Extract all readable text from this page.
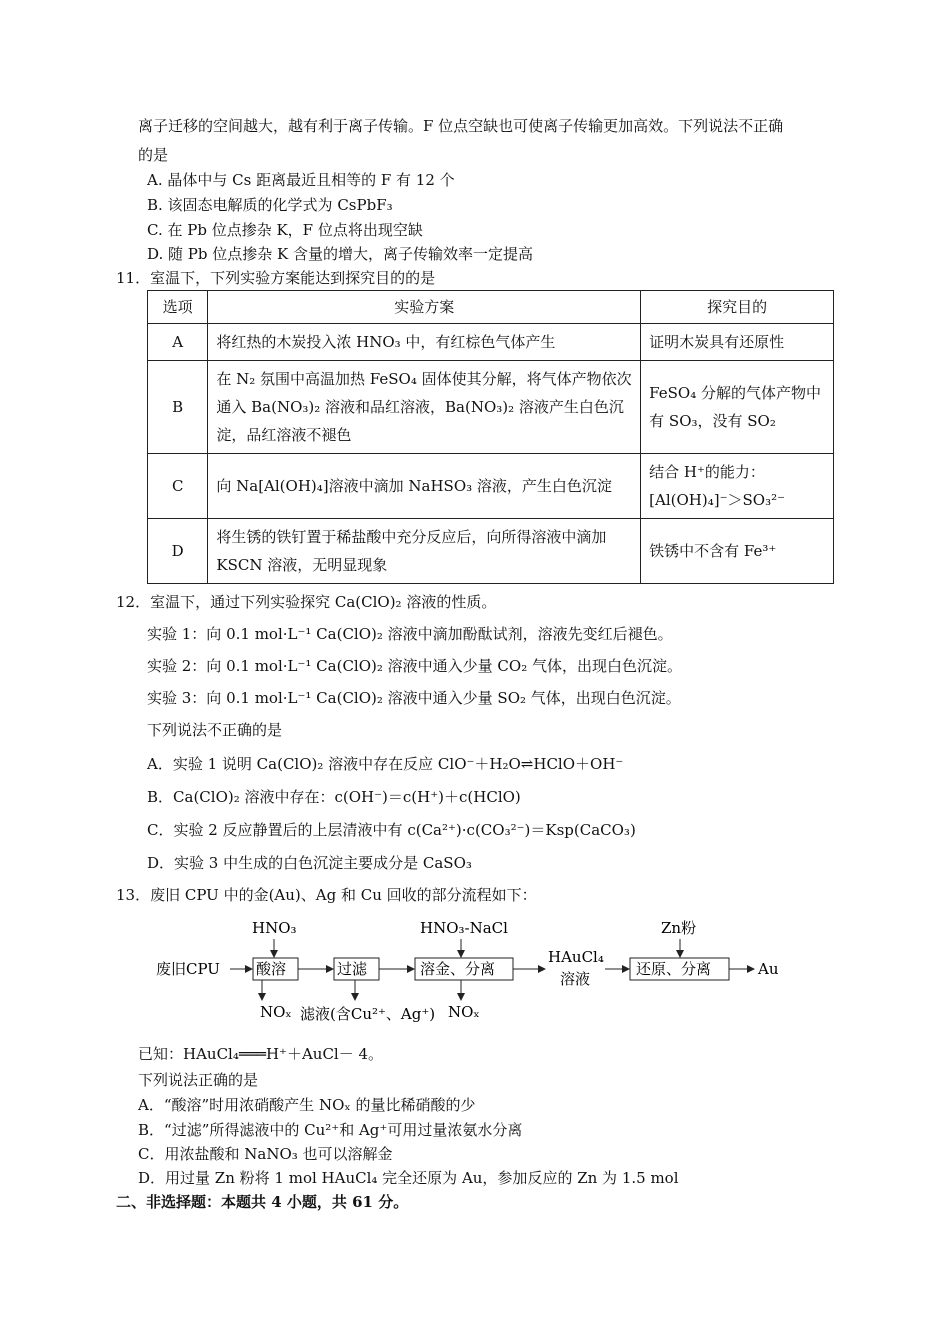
离子迁移的空间越大，越有利于离子传输。F 位点空缺也可使离子传输更加高效。下列说法不正确
的是
A. 晶体中与 Cs 距离最近且相等的 F 有 12 个
B. 该固态电解质的化学式为 CsPbF₃
C. 在 Pb 位点掺杂 K，F 位点将出现空缺
D. 随 Pb 位点掺杂 K 含量的增大，离子传输效率一定提高
11．室温下，下列实验方案能达到探究目的的是
选项	实验方案	探究目的
A	将红热的木炭投入浓 HNO₃ 中，有红棕色气体产生	证明木炭具有还原性
B	在 N₂ 氛围中高温加热 FeSO₄ 固体使其分解，将气体产物依次通入 Ba(NO₃)₂ 溶液和品红溶液，Ba(NO₃)₂ 溶液产生白色沉淀，品红溶液不褪色	FeSO₄ 分解的气体产物中有 SO₃，没有 SO₂
C	向 Na[Al(OH)₄]溶液中滴加 NaHSO₃ 溶液，产生白色沉淀	结合 H⁺的能力：[Al(OH)₄]⁻＞SO₃²⁻
D	将生锈的铁钉置于稀盐酸中充分反应后，向所得溶液中滴加 KSCN 溶液，无明显现象	铁锈中不含有 Fe³⁺
12．室温下，通过下列实验探究 Ca(ClO)₂ 溶液的性质。
实验 1：向 0.1 mol·L⁻¹ Ca(ClO)₂ 溶液中滴加酚酞试剂，溶液先变红后褪色。
实验 2：向 0.1 mol·L⁻¹ Ca(ClO)₂ 溶液中通入少量 CO₂ 气体，出现白色沉淀。
实验 3：向 0.1 mol·L⁻¹ Ca(ClO)₂ 溶液中通入少量 SO₂ 气体，出现白色沉淀。
下列说法不正确的是
A．实验 1 说明 Ca(ClO)₂ 溶液中存在反应 ClO⁻＋H₂O⇌HClO＋OH⁻
B．Ca(ClO)₂ 溶液中存在：c(OH⁻)＝c(H⁺)＋c(HClO)
C．实验 2 反应静置后的上层清液中有 c(Ca²⁺)·c(CO₃²⁻)＝Ksp(CaCO₃)
D．实验 3 中生成的白色沉淀主要成分是 CaSO₃
13．废旧 CPU 中的金(Au)、Ag 和 Cu 回收的部分流程如下：
废旧CPU 酸溶
HNO₃
NOₓ
过滤
滤液(含Cu²⁺、Ag⁺)
溶金、分离
HNO₃-NaCl
NOₓ
HAuCl₄
溶液
还原、分离
Zn粉
Au
已知：HAuCl₄═══H⁺＋AuCl－ 4。
下列说法正确的是
A．“酸溶”时用浓硝酸产生 NOₓ 的量比稀硝酸的少
B．“过滤”所得滤液中的 Cu²⁺和 Ag⁺可用过量浓氨水分离
C．用浓盐酸和 NaNO₃ 也可以溶解金
D．用过量 Zn 粉将 1 mol HAuCl₄ 完全还原为 Au，参加反应的 Zn 为 1.5 mol
二、非选择题：本题共 4 小题，共 61 分。
